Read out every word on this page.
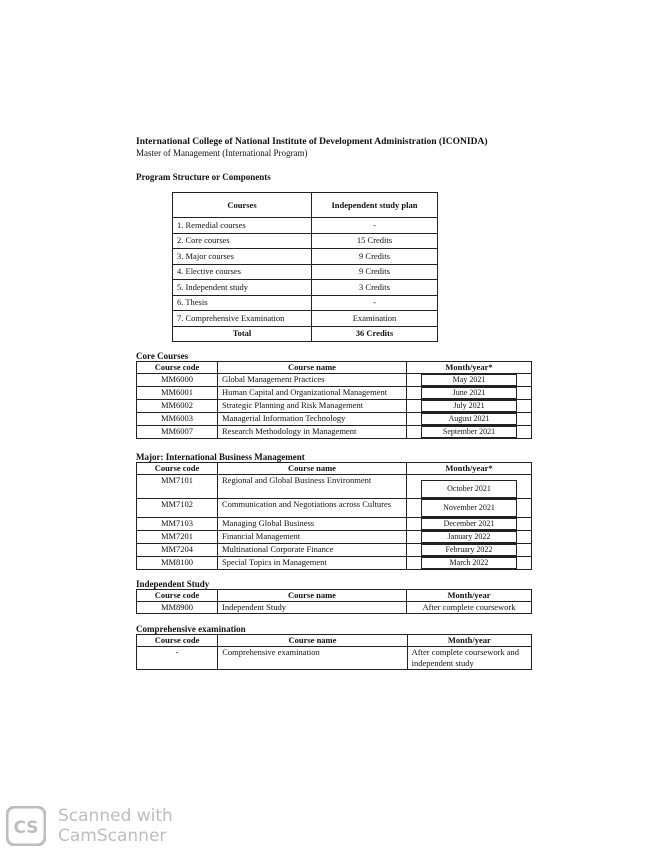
International College of National Institute of Development Administration (ICONIDA)
Master of Management (International Program)
Program Structure or Components
Courses	Independent study plan
1. Remedial courses	-
2. Core courses	15 Credits
3. Major courses	9 Credits
4. Elective courses	9 Credits
5. Independent study	3 Credits
6. Thesis	-
7. Comprehensive Examination	Examination
Total	36 Credits
Core Courses
Course code	Course name	Month/year*
MM6000	Global Management Practices	May 2021
MM6001	Human Capital and Organizational Management	June 2021
MM6002	Strategic Planning and Risk Management	July 2021
MM6003	Managerial Information Technology	August 2021
MM6007	Research Methodology in Management	September 2021
Major: International Business Management
Course code	Course name	Month/year*
MM7101	Regional and Global Business Environment	October 2021
MM7102	Communication and Negotiations across Cultures	November 2021
MM7103	Managing Global Business	December 2021
MM7201	Financial Management	January 2022
MM7204	Multinational Corporate Finance	February 2022
MM8100	Special Topics in Management	March 2022
Independent Study
Course code	Course name	Month/year
MM8900	Independent Study	After complete coursework
Comprehensive examination
Course code	Course name	Month/year
-	Comprehensive examination	After complete coursework and independent study
CS
Scanned with
CamScanner
